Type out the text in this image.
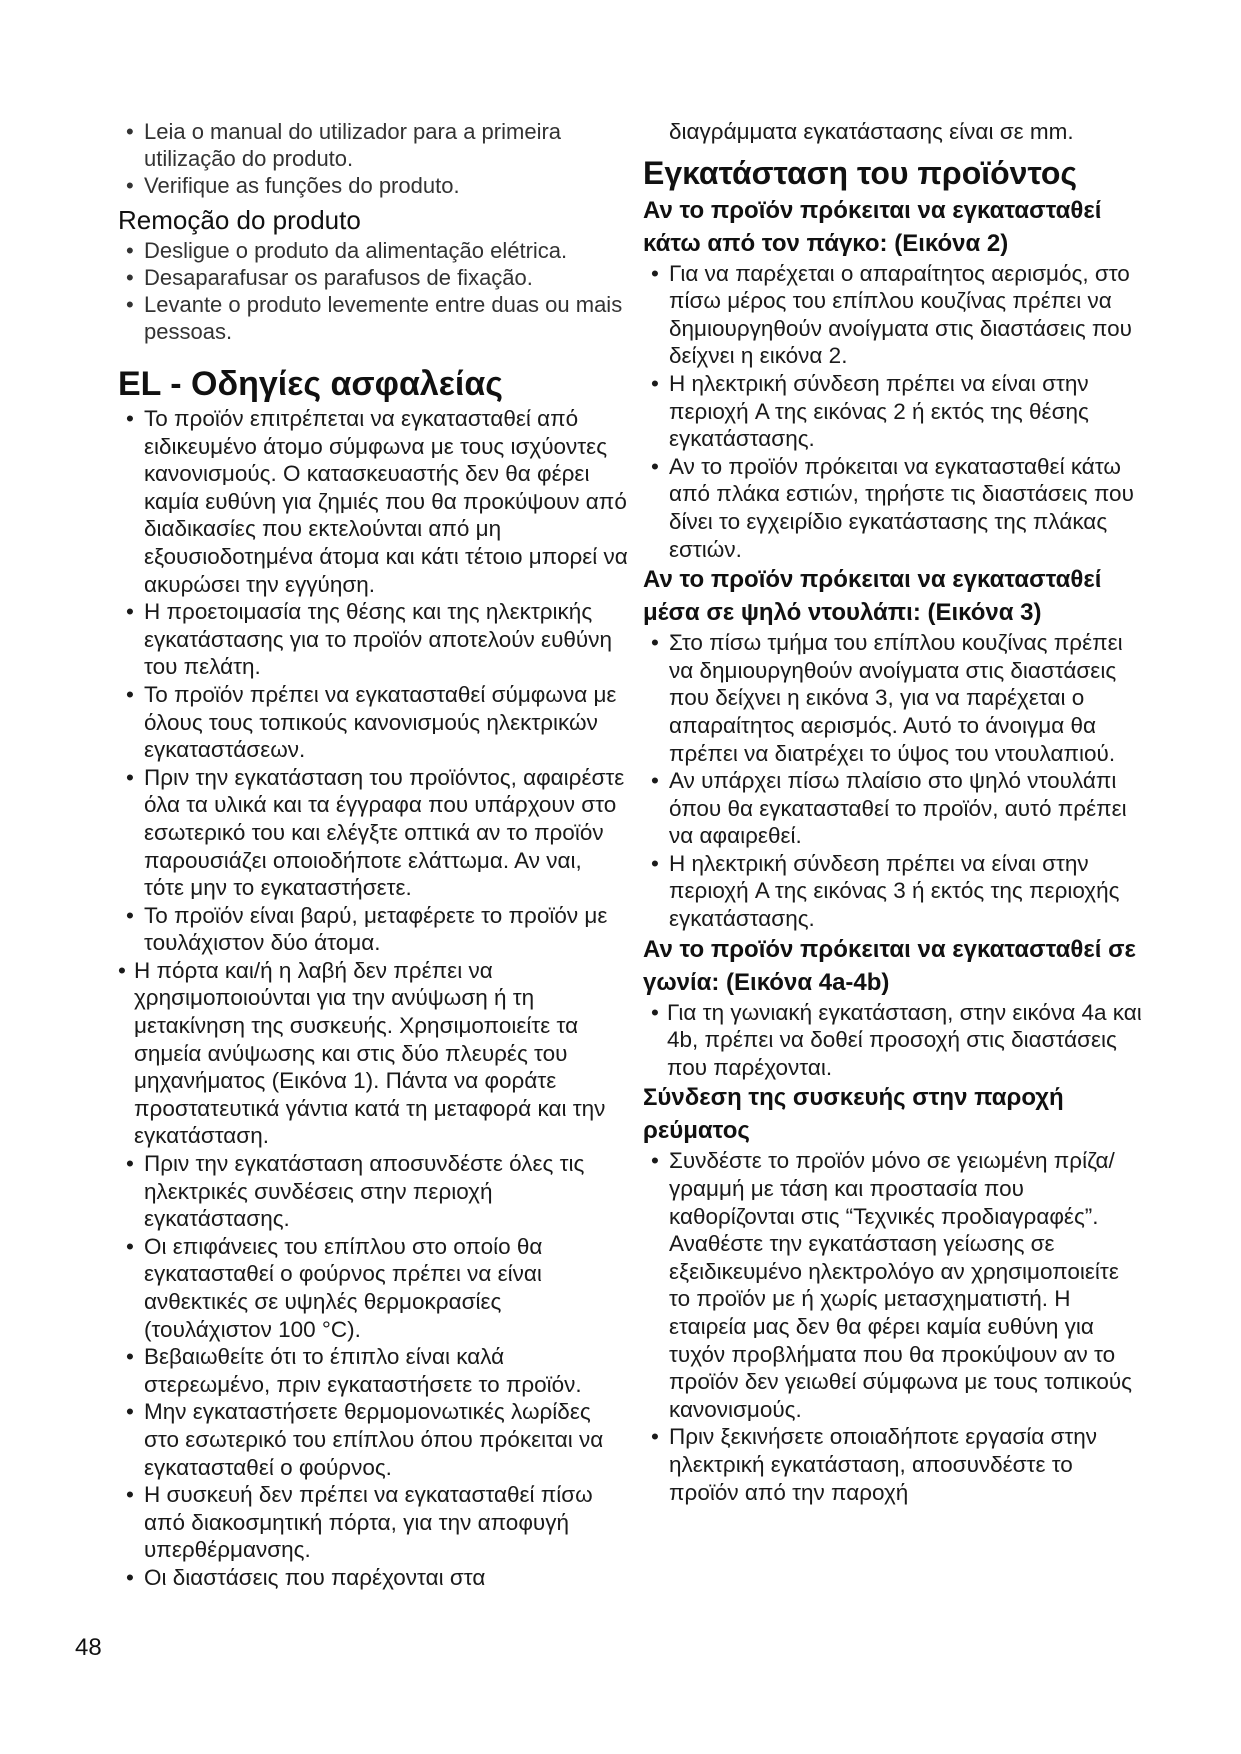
• Leia o manual do utilizador para a primeira utilização do produto.
• Verifique as funções do produto.
Remoção do produto
• Desligue o produto da alimentação elétrica.
• Desaparafusar os parafusos de fixação.
• Levante o produto levemente entre duas ou mais pessoas.
EL - Οδηγίες ασφαλείας
• Το προϊόν επιτρέπεται να εγκατασταθεί από ειδικευμένο άτομο σύμφωνα με τους ισχύοντες κανονισμούς. Ο κατασκευαστής δεν θα φέρει καμία ευθύνη για ζημιές που θα προκύψουν από διαδικασίες που εκτελούνται από μη εξουσιοδοτημένα άτομα και κάτι τέτοιο μπορεί να ακυρώσει την εγγύηση.
• Η προετοιμασία της θέσης και της ηλεκτρικής εγκατάστασης για το προϊόν αποτελούν ευθύνη του πελάτη.
• Το προϊόν πρέπει να εγκατασταθεί σύμφωνα με όλους τους τοπικούς κανονισμούς ηλεκτρικών εγκαταστάσεων.
• Πριν την εγκατάσταση του προϊόντος, αφαιρέστε όλα τα υλικά και τα έγγραφα που υπάρχουν στο εσωτερικό του και ελέγξτε οπτικά αν το προϊόν παρουσιάζει οποιοδήποτε ελάττωμα. Αν ναι, τότε μην το εγκαταστήσετε.
• Το προϊόν είναι βαρύ, μεταφέρετε το προϊόν με τουλάχιστον δύο άτομα.
• Η πόρτα και/ή η λαβή δεν πρέπει να χρησιμοποιούνται για την ανύψωση ή τη μετακίνηση της συσκευής. Χρησιμοποιείτε τα σημεία ανύψωσης και στις δύο πλευρές του μηχανήματος (Εικόνα 1). Πάντα να φοράτε προστατευτικά γάντια κατά τη μεταφορά και την εγκατάσταση.
• Πριν την εγκατάσταση αποσυνδέστε όλες τις ηλεκτρικές συνδέσεις στην περιοχή εγκατάστασης.
• Οι επιφάνειες του επίπλου στο οποίο θα εγκατασταθεί ο φούρνος πρέπει να είναι ανθεκτικές σε υψηλές θερμοκρασίες (τουλάχιστον 100 °C).
• Βεβαιωθείτε ότι το έπιπλο είναι καλά στερεωμένο, πριν εγκαταστήσετε το προϊόν.
• Μην εγκαταστήσετε θερμομονωτικές λωρίδες στο εσωτερικό του επίπλου όπου πρόκειται να εγκατασταθεί ο φούρνος.
• Η συσκευή δεν πρέπει να εγκατασταθεί πίσω από διακοσμητική πόρτα, για την αποφυγή υπερθέρμανσης.
• Οι διαστάσεις που παρέχονται στα
διαγράμματα εγκατάστασης είναι σε mm.
Εγκατάσταση του προϊόντος
Αν το προϊόν πρόκειται να εγκατασταθεί κάτω από τον πάγκο: (Εικόνα 2)
• Για να παρέχεται ο απαραίτητος αερισμός, στο πίσω μέρος του επίπλου κουζίνας πρέπει να δημιουργηθούν ανοίγματα στις διαστάσεις που δείχνει η εικόνα 2.
• Η ηλεκτρική σύνδεση πρέπει να είναι στην περιοχή A της εικόνας 2 ή εκτός της θέσης εγκατάστασης.
• Αν το προϊόν πρόκειται να εγκατασταθεί κάτω από πλάκα εστιών, τηρήστε τις διαστάσεις που δίνει το εγχειρίδιο εγκατάστασης της πλάκας εστιών.
Αν το προϊόν πρόκειται να εγκατασταθεί μέσα σε ψηλό ντουλάπι: (Εικόνα 3)
• Στο πίσω τμήμα του επίπλου κουζίνας πρέπει να δημιουργηθούν ανοίγματα στις διαστάσεις που δείχνει η εικόνα 3, για να παρέχεται ο απαραίτητος αερισμός. Αυτό το άνοιγμα θα πρέπει να διατρέχει το ύψος του ντουλαπιού.
• Αν υπάρχει πίσω πλαίσιο στο ψηλό ντουλάπι όπου θα εγκατασταθεί το προϊόν, αυτό πρέπει να αφαιρεθεί.
• Η ηλεκτρική σύνδεση πρέπει να είναι στην περιοχή A της εικόνας 3 ή εκτός της περιοχής εγκατάστασης.
Αν το προϊόν πρόκειται να εγκατασταθεί σε γωνία: (Εικόνα 4a-4b)
• Για τη γωνιακή εγκατάσταση, στην εικόνα 4a και 4b, πρέπει να δοθεί προσοχή στις διαστάσεις που παρέχονται.
Σύνδεση της συσκευής στην παροχή ρεύματος
• Συνδέστε το προϊόν μόνο σε γειωμένη πρίζα/ γραμμή με τάση και προστασία που καθορίζονται στις “Τεχνικές προδιαγραφές”. Αναθέστε την εγκατάσταση γείωσης σε εξειδικευμένο ηλεκτρολόγο αν χρησιμοποιείτε το προϊόν με ή χωρίς μετασχηματιστή. Η εταιρεία μας δεν θα φέρει καμία ευθύνη για τυχόν προβλήματα που θα προκύψουν αν το προϊόν δεν γειωθεί σύμφωνα με τους τοπικούς κανονισμούς.
• Πριν ξεκινήσετε οποιαδήποτε εργασία στην ηλεκτρική εγκατάσταση, αποσυνδέστε το προϊόν από την παροχή
48
